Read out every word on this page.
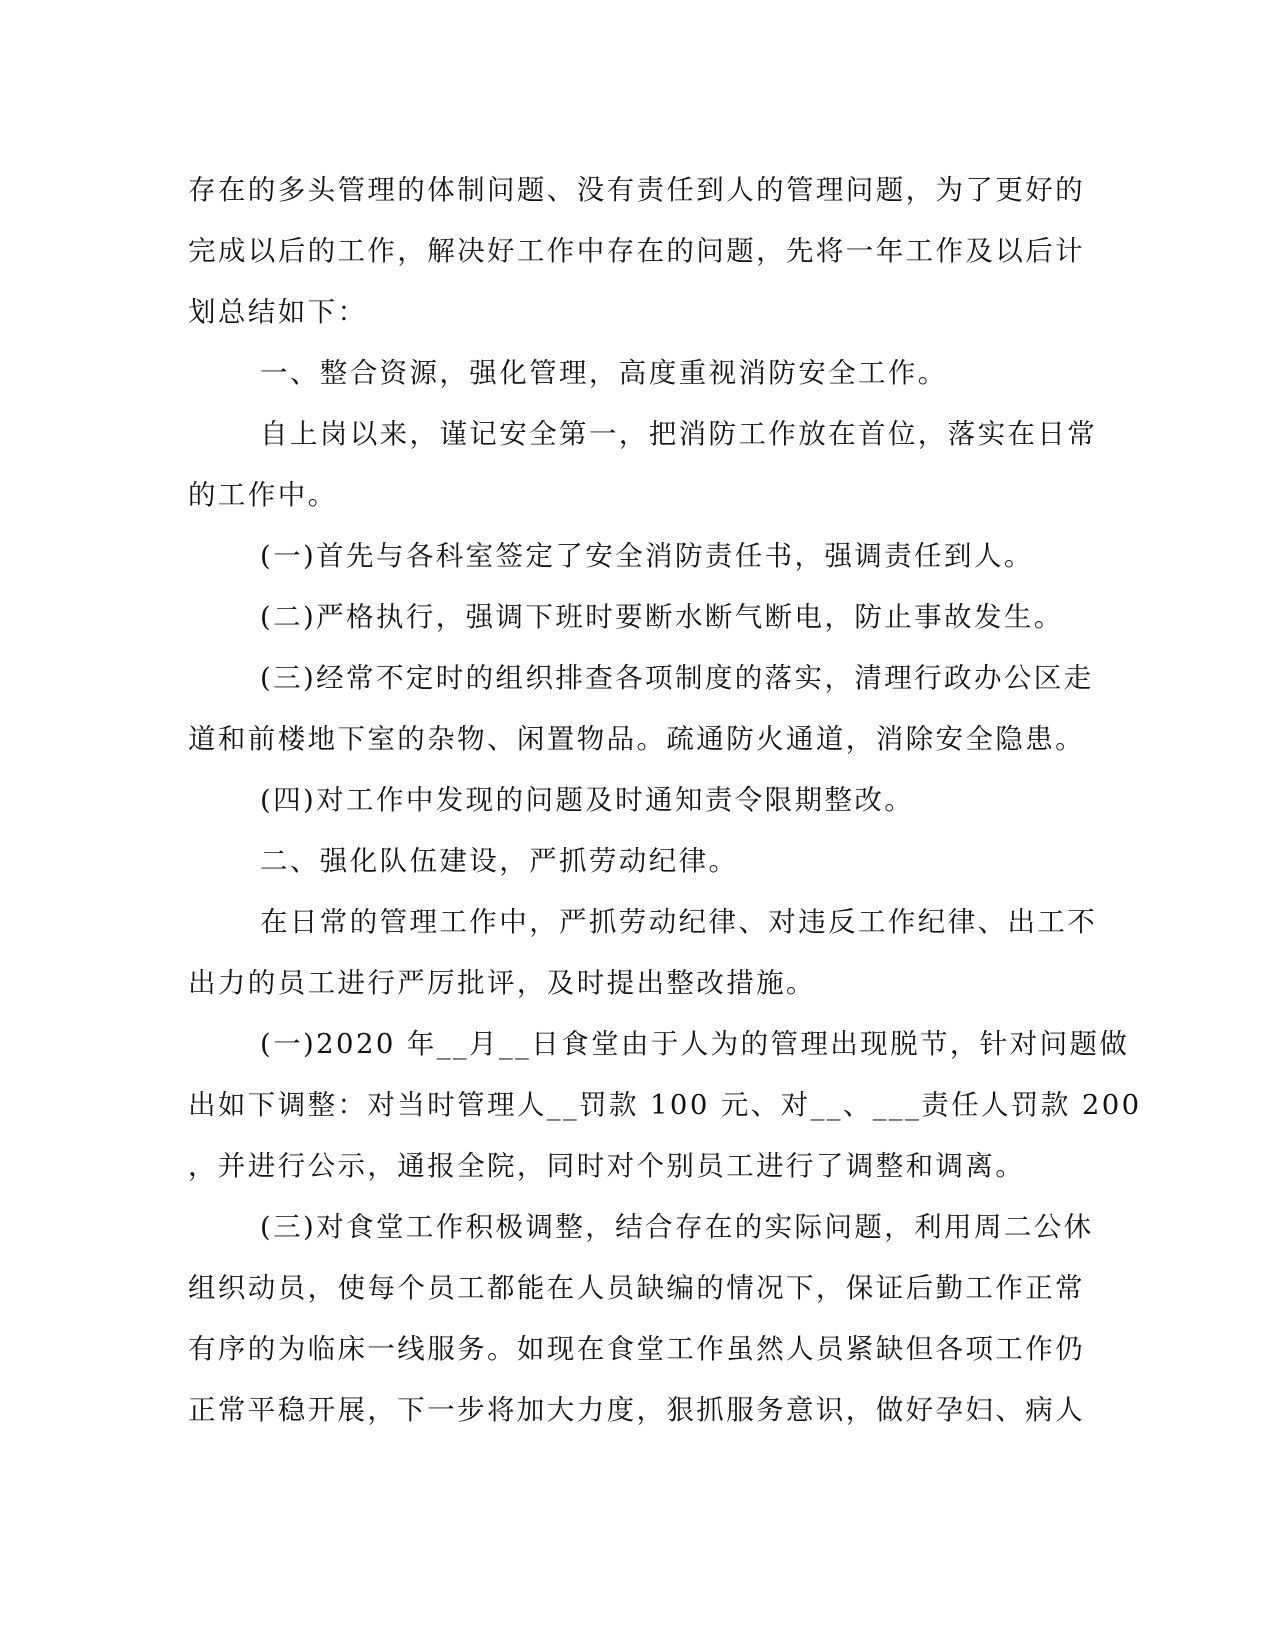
存在的多头管理的体制问题、没有责任到人的管理问题，为了更好的
完成以后的工作，解决好工作中存在的问题，先将一年工作及以后计
划总结如下：
一、整合资源，强化管理，高度重视消防安全工作。
自上岗以来，谨记安全第一，把消防工作放在首位，落实在日常
的工作中。
(一)首先与各科室签定了安全消防责任书，强调责任到人。
(二)严格执行，强调下班时要断水断气断电，防止事故发生。
(三)经常不定时的组织排查各项制度的落实，清理行政办公区走
道和前楼地下室的杂物、闲置物品。疏通防火通道，消除安全隐患。
(四)对工作中发现的问题及时通知责令限期整改。
二、强化队伍建设，严抓劳动纪律。
在日常的管理工作中，严抓劳动纪律、对违反工作纪律、出工不
出力的员工进行严厉批评，及时提出整改措施。
(一)2020 年__月__日食堂由于人为的管理出现脱节，针对问题做
出如下调整：对当时管理人__罚款 100 元、对__、___责任人罚款 200
，并进行公示，通报全院，同时对个别员工进行了调整和调离。
(三)对食堂工作积极调整，结合存在的实际问题，利用周二公休
组织动员，使每个员工都能在人员缺编的情况下，保证后勤工作正常
有序的为临床一线服务。如现在食堂工作虽然人员紧缺但各项工作仍
正常平稳开展，下一步将加大力度，狠抓服务意识，做好孕妇、病人
